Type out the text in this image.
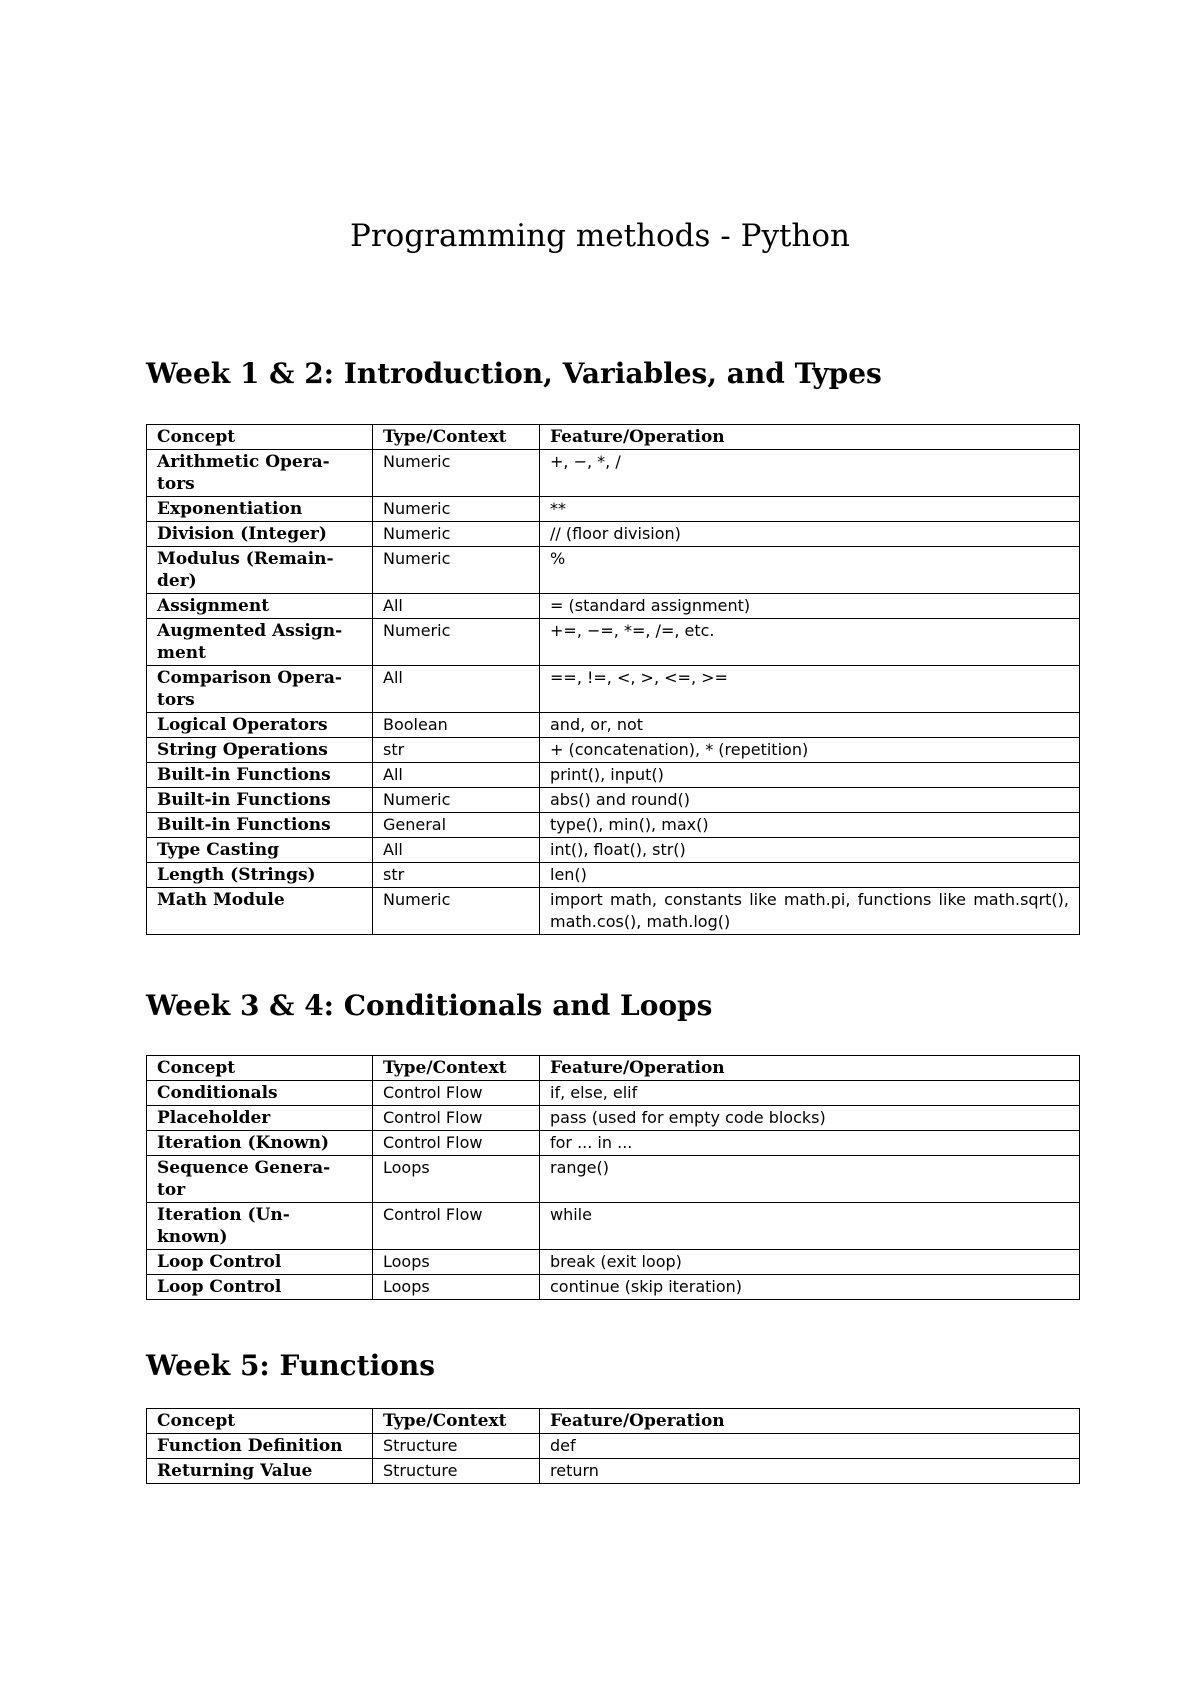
Programming methods - Python
Week 1 & 2: Introduction, Variables, and Types
Concept	Type/Context	Feature/Operation
Arithmetic Opera-
tors	Numeric	+, −, *, /
Exponentiation	Numeric	**
Division (Integer)	Numeric	// (floor division)
Modulus (Remain-
der)	Numeric	%
Assignment	All	= (standard assignment)
Augmented Assign-
ment	Numeric	+=, −=, *=, /=, etc.
Comparison Opera-
tors	All	==, !=, <, >, <=, >=
Logical Operators	Boolean	and, or, not
String Operations	str	+ (concatenation), * (repetition)
Built-in Functions	All	print(), input()
Built-in Functions	Numeric	abs() and round()
Built-in Functions	General	type(), min(), max()
Type Casting	All	int(), float(), str()
Length (Strings)	str	len()
Math Module	Numeric	import math, constants like math.pi, functions like math.sqrt(), math.cos(), math.log()
Week 3 & 4: Conditionals and Loops
Concept	Type/Context	Feature/Operation
Conditionals	Control Flow	if, else, elif
Placeholder	Control Flow	pass (used for empty code blocks)
Iteration (Known)	Control Flow	for ... in ...
Sequence Genera-
tor	Loops	range()
Iteration (Un-
known)	Control Flow	while
Loop Control	Loops	break (exit loop)
Loop Control	Loops	continue (skip iteration)
Week 5: Functions
Concept	Type/Context	Feature/Operation
Function Definition	Structure	def
Returning Value	Structure	return
